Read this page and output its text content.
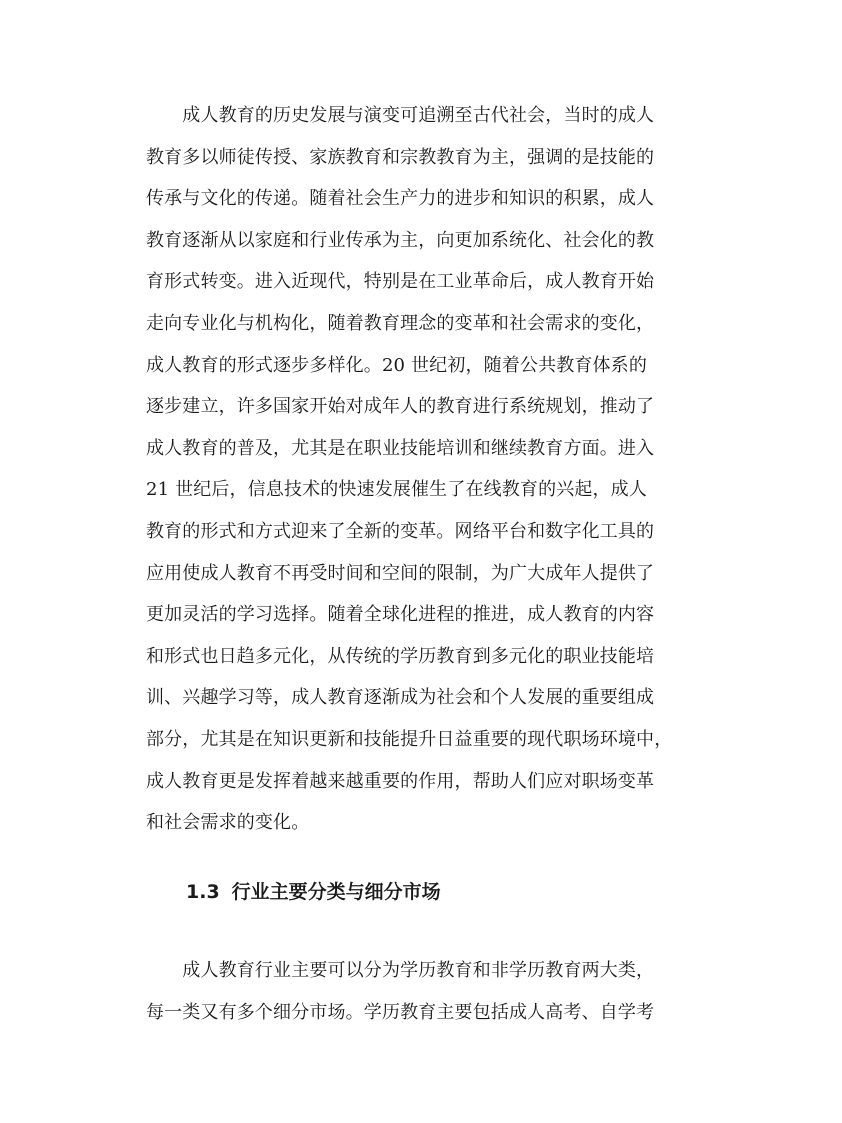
　　成人教育的历史发展与演变可追溯至古代社会，当时的成人
教育多以师徒传授、家族教育和宗教教育为主，强调的是技能的
传承与文化的传递。随着社会生产力的进步和知识的积累，成人
教育逐渐从以家庭和行业传承为主，向更加系统化、社会化的教
育形式转变。进入近现代，特别是在工业革命后，成人教育开始
走向专业化与机构化，随着教育理念的变革和社会需求的变化，
成人教育的形式逐步多样化。20 世纪初，随着公共教育体系的
逐步建立，许多国家开始对成年人的教育进行系统规划，推动了
成人教育的普及，尤其是在职业技能培训和继续教育方面。进入
21 世纪后，信息技术的快速发展催生了在线教育的兴起，成人
教育的形式和方式迎来了全新的变革。网络平台和数字化工具的
应用使成人教育不再受时间和空间的限制，为广大成年人提供了
更加灵活的学习选择。随着全球化进程的推进，成人教育的内容
和形式也日趋多元化，从传统的学历教育到多元化的职业技能培
训、兴趣学习等，成人教育逐渐成为社会和个人发展的重要组成
部分，尤其是在知识更新和技能提升日益重要的现代职场环境中，
成人教育更是发挥着越来越重要的作用，帮助人们应对职场变革
和社会需求的变化。
1.3 行业主要分类与细分市场
　　成人教育行业主要可以分为学历教育和非学历教育两大类，
每一类又有多个细分市场。学历教育主要包括成人高考、自学考
